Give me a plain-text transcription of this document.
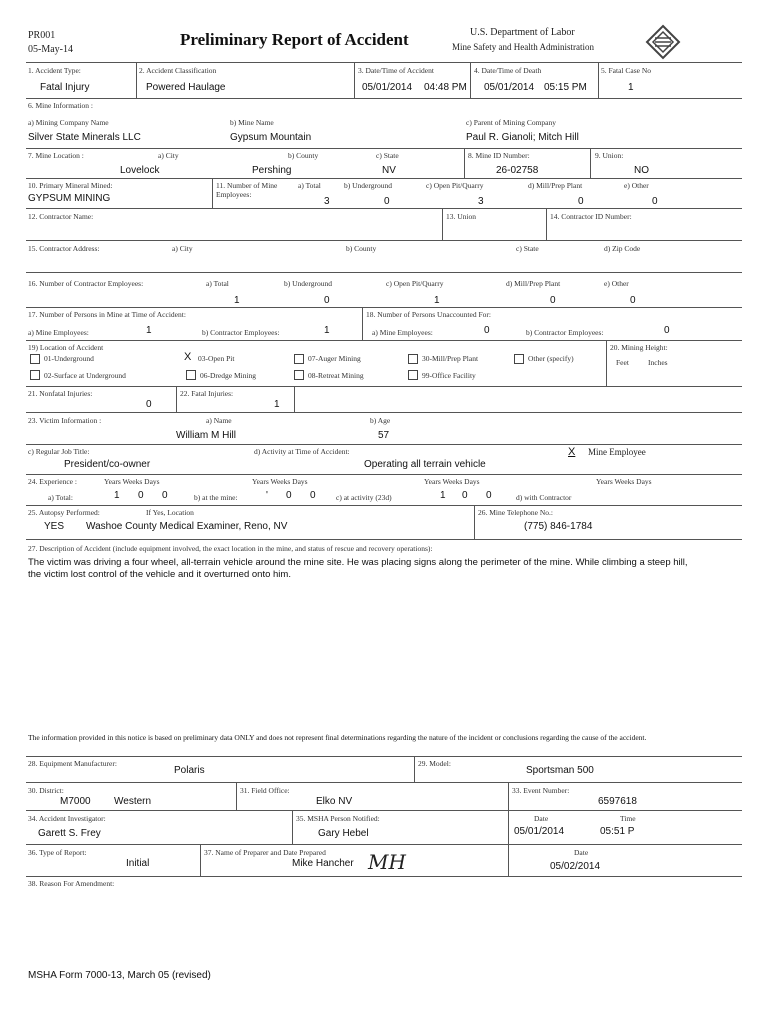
PR001
05-May-14
Preliminary Report of Accident	U.S. Department of Labor
Mine Safety and Health Administration
1. Accident Type:
Fatal Injury
2. Accident Classification
Powered Haulage
3. Date/Time of Accident
05/01/2014 04:48 PM
4. Date/Time of Death
05/01/2014 05:15 PM
5. Fatal Case No
1
6. Mine Information :
a) Mining Company Name
Silver State Minerals LLC
b) Mine Name
Gypsum Mountain
c) Parent of Mining Company
Paul R. Gianoli; Mitch Hill
7. Mine Location :	a) City
Lovelock
b) County
Pershing
c) State
NV
8. Mine ID Number:
26-02758
9. Union:
NO
10. Primary Mineral Mined:
GYPSUM MINING
11. Number of Mine Employees:
a) Total
3
b) Underground
0
c) Open Pit/Quarry
3
d) Mill/Prep Plant
0
e) Other
0
12. Contractor Name:	13. Union	14. Contractor ID Number:
15. Contractor Address:	a) City	b) County	c) State	d) Zip Code
16. Number of Contractor Employees:	a) Total
1
b) Underground
0
c) Open Pit/Quarry
1
d) Mill/Prep Plant
0
e) Other
0
17. Number of Persons in Mine at Time of Accident:
a) Mine Employees:	1	b) Contractor Employees:	1
18. Number of Persons Unaccounted For:
a) Mine Employees:	0	b) Contractor Employees:	0
19) Location of Accident
01-Underground
02-Surface at Underground
X 03-Open Pit
06-Dredge Mining
07-Auger Mining
08-Retreat Mining
30-Mill/Prep Plant
99-Office Facility
Other (specify)
20. Mining Height:
Feet	Inches
21. Nonfatal Injuries:
0
22. Fatal Injuries:
1
23. Victim Information :	a) Name
William M Hill
b) Age
57
c) Regular Job Title:
President/co-owner
d) Activity at Time of Accident:
Operating all terrain vehicle
X Mine Employee
24. Experience :	Years Weeks Days	Years Weeks Days	Years Weeks Days	Years Weeks Days
a) Total:	1 0 0	b) at the mine:	' 0 0	c) at activity (23d)	1 0 0	d) with Contractor
25. Autopsy Performed:	If Yes, Location
YES Washoe County Medical Examiner, Reno, NV
26. Mine Telephone No.:
(775) 846-1784
27. Description of Accident (include equipment involved, the exact location in the mine, and status of rescue and recovery operations):
The victim was driving a four wheel, all-terrain vehicle around the mine site. He was placing signs along the perimeter of the mine. While climbing a steep hill, the victim lost control of the vehicle and it overturned onto him.
The information provided in this notice is based on preliminary data ONLY and does not represent final determinations regarding the nature of the incident or conclusions regarding the cause of the accident.
28. Equipment Manufacturer:
Polaris
29. Model:
Sportsman 500
30. District:
M7000 Western
31. Field Office:
Elko NV
33. Event Number:
6597618
34. Accident Investigator:
Garett S. Frey
35. MSHA Person Notified:
Gary Hebel
Date
05/01/2014
Time
05:51 P
36. Type of Report:
Initial
37. Name of Preparer and Date Prepared
Mike Hancher MH	Date
05/02/2014
38. Reason For Amendment:
MSHA Form 7000-13, March 05 (revised)
